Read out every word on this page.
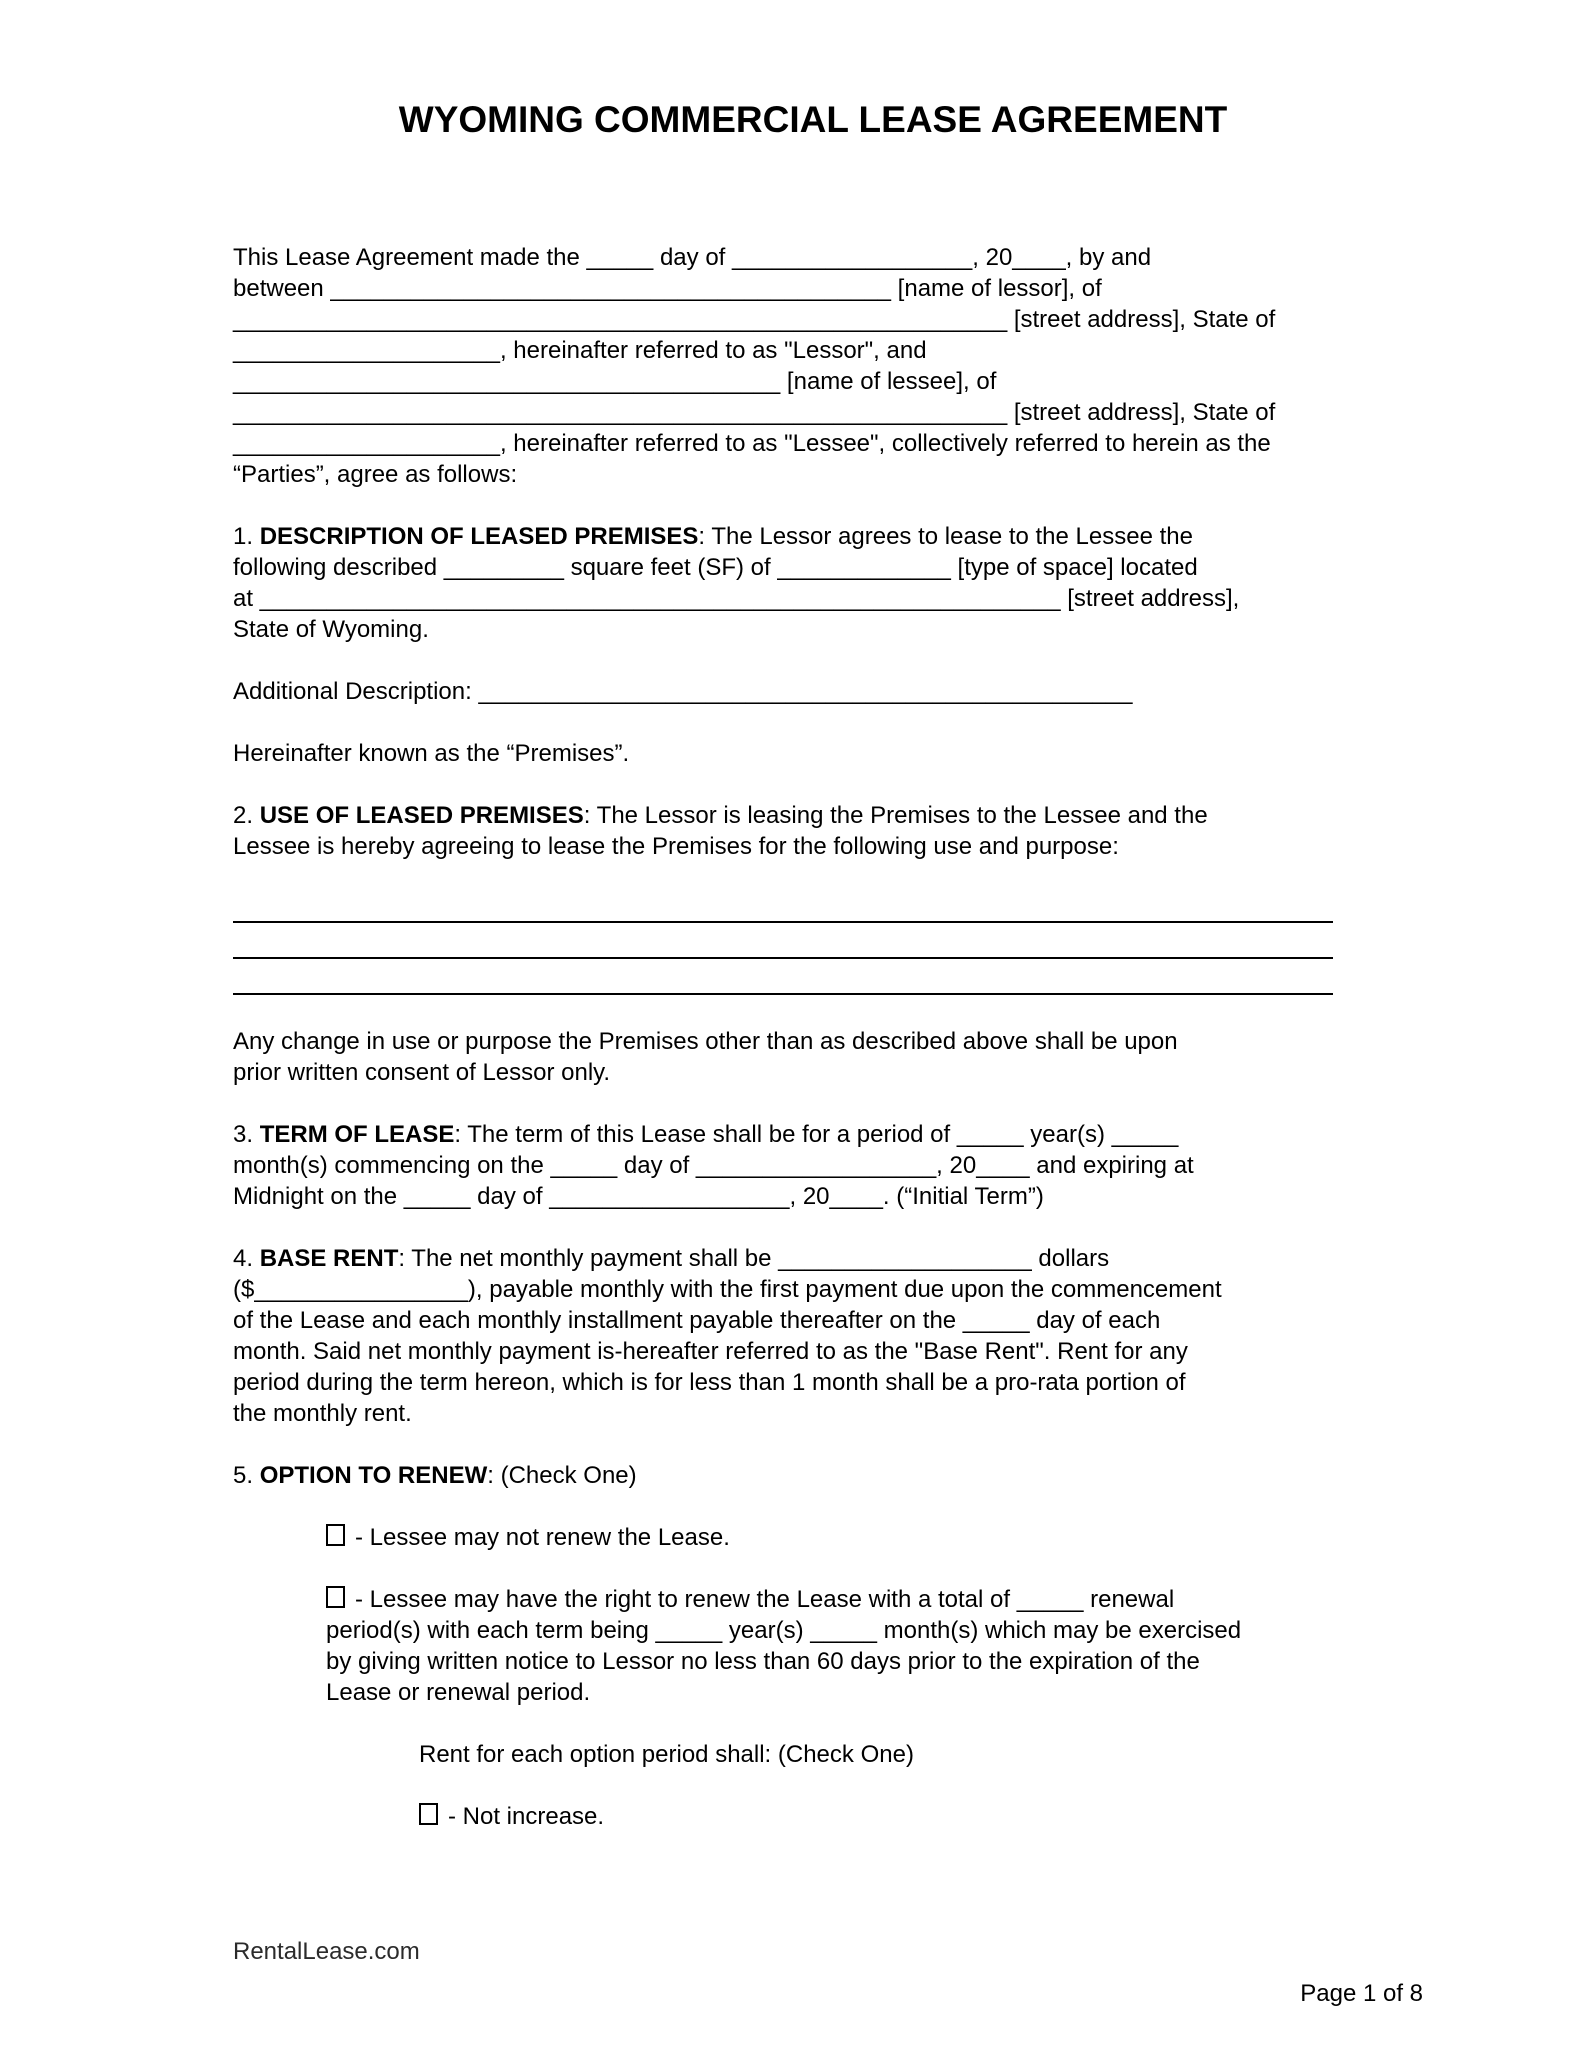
WYOMING COMMERCIAL LEASE AGREEMENT

This Lease Agreement made the _____ day of __________________, 20____, by and
between __________________________________________ [name of lessor], of
__________________________________________________________ [street address], State of
____________________, hereinafter referred to as "Lessor", and
_________________________________________ [name of lessee], of
__________________________________________________________ [street address], State of
____________________, hereinafter referred to as "Lessee", collectively referred to herein as the
“Parties”, agree as follows:

1. DESCRIPTION OF LEASED PREMISES: The Lessor agrees to lease to the Lessee the
following described _________ square feet (SF) of _____________ [type of space] located
at ____________________________________________________________ [street address],
State of Wyoming.

Additional Description: _________________________________________________

Hereinafter known as the “Premises”.

2. USE OF LEASED PREMISES: The Lessor is leasing the Premises to the Lessee and the
Lessee is hereby agreeing to lease the Premises for the following use and purpose:

Any change in use or purpose the Premises other than as described above shall be upon
prior written consent of Lessor only.

3. TERM OF LEASE: The term of this Lease shall be for a period of _____ year(s) _____
month(s) commencing on the _____ day of __________________, 20____ and expiring at
Midnight on the _____ day of __________________, 20____. (“Initial Term”)

4. BASE RENT: The net monthly payment shall be ___________________ dollars
($________________), payable monthly with the first payment due upon the commencement
of the Lease and each monthly installment payable thereafter on the _____ day of each
month. Said net monthly payment is-hereafter referred to as the "Base Rent". Rent for any
period during the term hereon, which is for less than 1 month shall be a pro-rata portion of
the monthly rent.

5. OPTION TO RENEW: (Check One)

- Lessee may not renew the Lease.

- Lessee may have the right to renew the Lease with a total of _____ renewal
period(s) with each term being _____ year(s) _____ month(s) which may be exercised
by giving written notice to Lessor no less than 60 days prior to the expiration of the
Lease or renewal period.

Rent for each option period shall: (Check One)

- Not increase.

RentalLease.com
Page 1 of 8
